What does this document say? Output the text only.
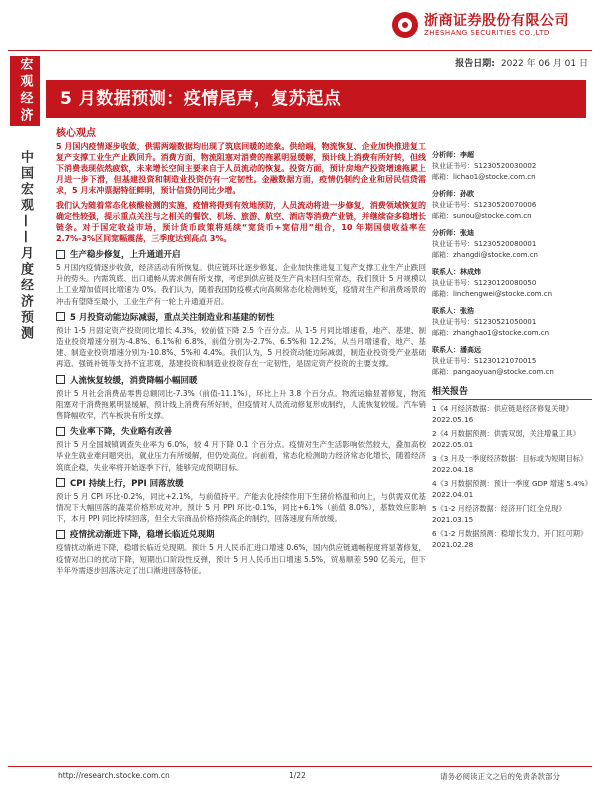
浙商证券股份有限公司
ZHESHANG SECURITIES CO.,LTD
报告日期: 2022 年 06 月 01 日
宏观经济
中国宏观——月度经济预测
5 月数据预测：疫情尾声，复苏起点
核心观点
5 月国内疫情逐步收敛，供需两端数据均出现了筑底回暖的迹象。供给端，物流恢复、企业加快推进复工复产支撑工业生产止跌回升。消费方面，物流阻塞对消费的拖累明显缓解，预计线上消费有所好转，但线下消费表现依然疲软，未来增长空间主要来自于人员流动的恢复。投资方面，预计房地产投资增速拖累上月进一步下滑，但基建投资和制造业投资仍有一定韧性。金融数据方面，疫情仍制约企业和居民信贷需求，5 月末冲票据特征鲜明，预计信贷仍同比少增。
我们认为随着常态化核酸检测的实施，疫情将得到有效地预防，人员流动将进一步修复，消费领域恢复的确定性较强，提示重点关注与之相关的餐饮、机场、旅游、航空、酒店等消费产业链，并继续奋多稳增长链条。对于国定收益市场，预计货币政策将延续“宽货币+宽信用”组合，10 年期国债收益率在 2.7%-3%区间宽幅震荡，三季度达到高点 3%。
生产稳步修复，上升通道开启
5 月国内疫情逐步收敛，经济活动有所恢复。供应链环比逐步修复、企业加快推进复工复产支撑工业生产止跌回升的势头。内需筑底、出口通畅从需求侧有所支撑，考虑到供应链及生产尚未回归至常态，我们预计 5 月规模以上工业增加值同比增速为 0%。我们认为，随着我国防疫模式向高频常态化检测转变，疫情对生产和消费场景的冲击有望降至最小，工业生产有一轮上升通道开启。
5 月投资动能边际减弱，重点关注制造业和基建的韧性
预计 1-5 月固定资产投资同比增长 4.3%，较前值下降 2.5 个百分点。从 1-5 月同比增速看，地产、基建、制造业投资增速分别为-4.8%、6.1%和 6.8%，前值分别为-2.7%、6.5%和 12.2%。从当月增速看，地产、基建、制造业投资增速分别为-10.8%、5%和 4.4%。我们认为，5 月投资动能边际减弱，制造业投资受产业基础再造、强链补链等支持不宜悲观，基建投资和制造业投资存在一定韧性，是固定资产投资的主要支撑。
人流恢复较缓，消费降幅小幅回暖
预计 5 月社会消费品零售总额同比-7.3%（前值-11.1%），环比上升 3.8 个百分点。物流运输显著修复，物流阻塞对于消费拖累明显缓解，预计线上消费有所好转，但疫情对人员流动修复形成制约，人流恢复较缓。汽车销售降幅收窄，汽车板块有所支撑。
失业率下降，失业略有改善
预计 5 月全国城镇调查失业率为 6.0%，较 4 月下降 0.1 个百分点。疫情对生产生活影响依然较大，叠加高校毕业生就业难问题突出，就业压力有所缓解，但仍处高位。向前看，常态化检测助力经济常态化增长，随着经济筑底企稳，失业率将开始逐季下行，能够完成预期目标。
CPI 持续上行，PPI 回落放缓
预计 5 月 CPI 环比-0.2%，同比+2.1%，与前值持平。产能去化持续作用下生猪价格温和向上，与供需双优基情况下大幅回落的蔬菜价格形成对冲。预计 5 月 PPI 环比-0.1%，同比+6.1%（前值 8.0%），基数效应影响下，本月 PPI 同比持续回落，但全大宗商品价格持续高企的制约，回落速度有所放缓。
疫情扰动渐进下降，稳增长临近兑现期
疫情扰动渐进下降，稳增长临近兑现期。预计 5 月人民币汇进口增速 0.6%，国内供应链通畅程度将显著修复，疫情对出口的扰动下降，短期出口阶段性反弹，预计 5 月人民币出口增速 5.5%，贸易顺差 590 亿美元，但下半年外需逐步回落决定了出口渐进回落特征。
分析师：李超
执业证书号：S1230520030002
邮箱：lichao1@stocke.com.cn
分析师：孙欧
执业证书号：S1230520070006
邮箱：sunou@stocke.com.cn
分析师：张迪
执业证书号：S1230520080001
邮箱：zhangdi@stocke.com.cn
联系人：林成炜
执业证书号：S1230120080050
邮箱：linchengwei@stocke.com.cn
联系人：张浩
执业证书号：S1230521050001
邮箱：zhanghao1@stocke.com.cn
联系人：潘高远
执业证书号：S1230121070015
邮箱：pangaoyuan@stocke.com.cn
相关报告
1《4 月经济数据：供应链是经济修复关键》2022.05.16
2《4 月数据预测：供需双弱，关注增量工具》2022.05.01
3《3 月及一季度经济数据：目标或为短期目标》2022.04.18
4《3 月数据预测：预计一季度 GDP 增速 5.4%》2022.04.01
5《1-2 月经济数据：经济开门红全兑现》2021.03.15
6《1-2 月数据预测：稳增长发力，开门红可期》2021.02.28
http://research.stocke.com.cn	1/22	请务必阅读正文之后的免责条款部分
